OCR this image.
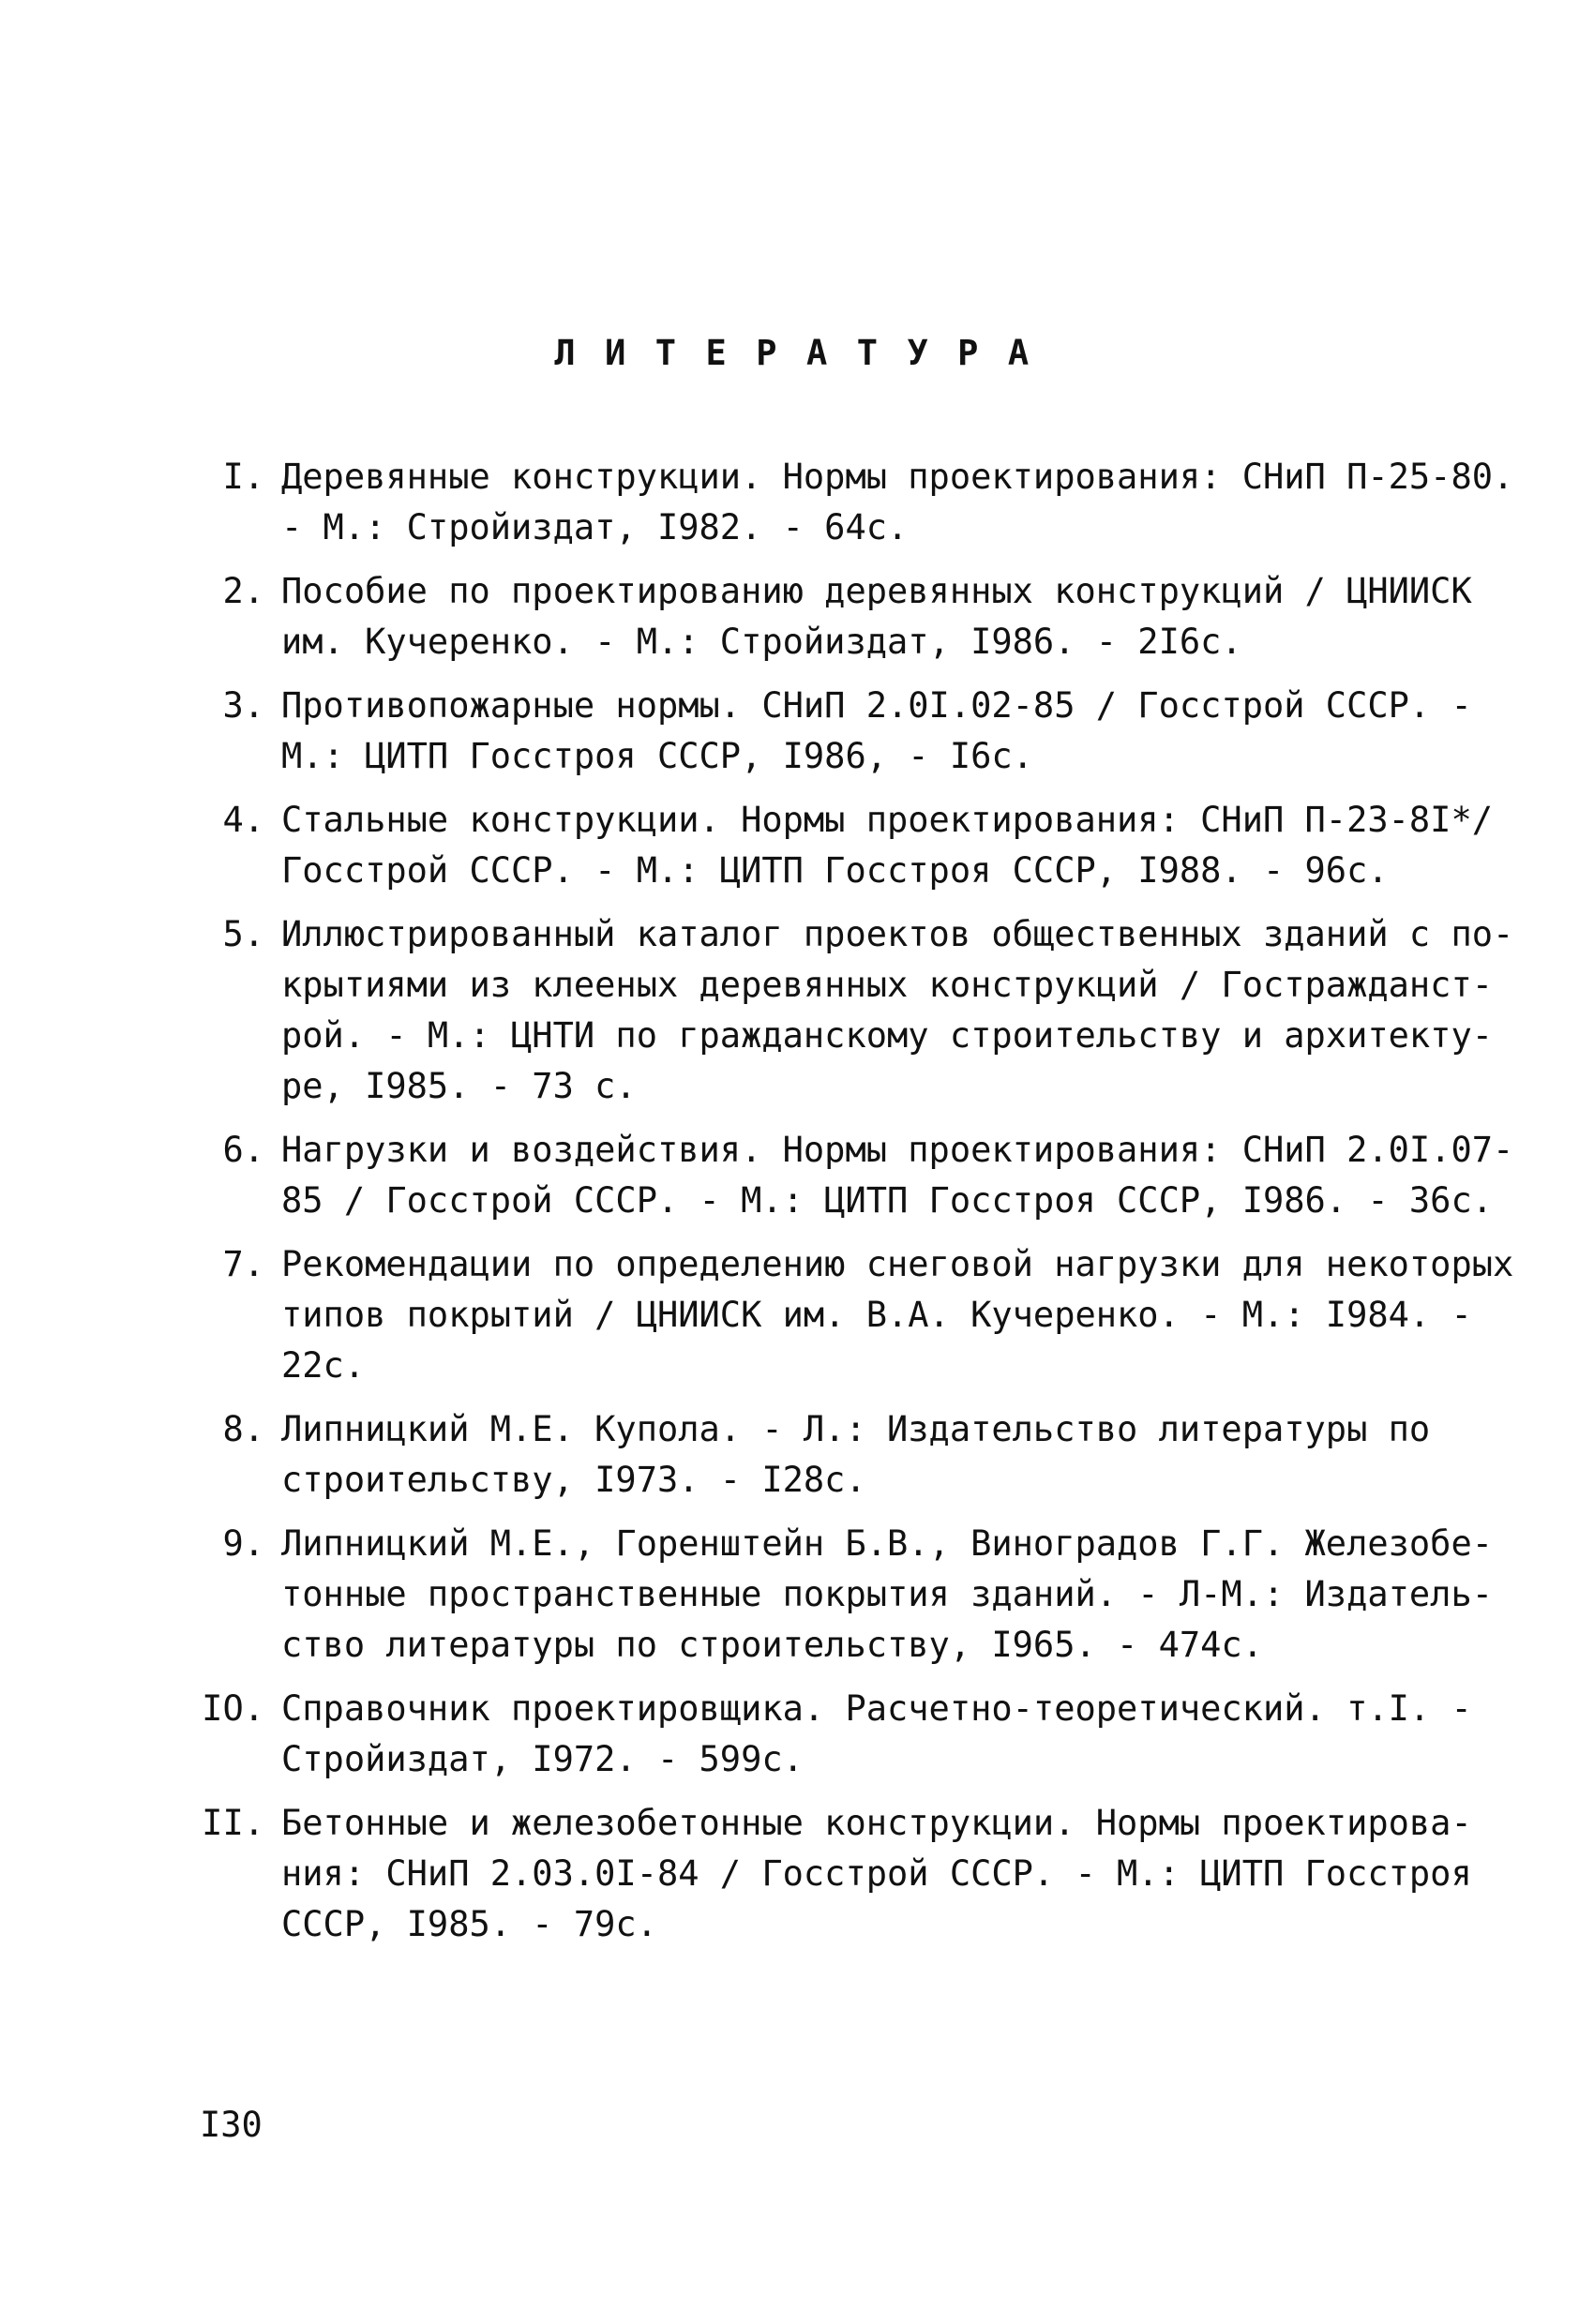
ЛИТЕРАТУРА
I. Деревянные конструкции. Нормы проектирования: СНиП П-25-80.
- М.: Стройиздат, I982. - 64с.
2. Пособие по проектированию деревянных конструкций / ЦНИИСК
им. Кучеренко. - М.: Стройиздат, I986. - 2I6с.
3. Противопожарные нормы. СНиП 2.0I.02-85 / Госстрой СССР. -
М.: ЦИТП Госстроя СССР, I986, - I6с.
4. Стальные конструкции. Нормы проектирования: СНиП П-23-8I*/
Госстрой СССР. - М.: ЦИТП Госстроя СССР, I988. - 96с.
5. Иллюстрированный каталог проектов общественных зданий с по-
крытиями из клееных деревянных конструкций / Гостражданст-
рой. - М.: ЦНТИ по гражданскому строительству и архитекту-
ре, I985. - 73 с.
6. Нагрузки и воздействия. Нормы проектирования: СНиП 2.0I.07-
85 / Госстрой СССР. - М.: ЦИТП Госстроя СССР, I986. - 36с.
7. Рекомендации по определению снеговой нагрузки для некоторых
типов покрытий / ЦНИИСК им. В.А. Кучеренко. - М.: I984. -
22с.
8. Липницкий М.Е. Купола. - Л.: Издательство литературы по
строительству, I973. - I28с.
9. Липницкий М.Е., Горенштейн Б.В., Виноградов Г.Г. Железобе-
тонные пространственные покрытия зданий. - Л-М.: Издатель-
ство литературы по строительству, I965. - 474с.
IO. Справочник проектировщика. Расчетно-теоретический. т.I. -
Стройиздат, I972. - 599с.
II. Бетонные и железобетонные конструкции. Нормы проектирова-
ния: СНиП 2.03.0I-84 / Госстрой СССР. - М.: ЦИТП Госстроя
СССР, I985. - 79с.
I30
